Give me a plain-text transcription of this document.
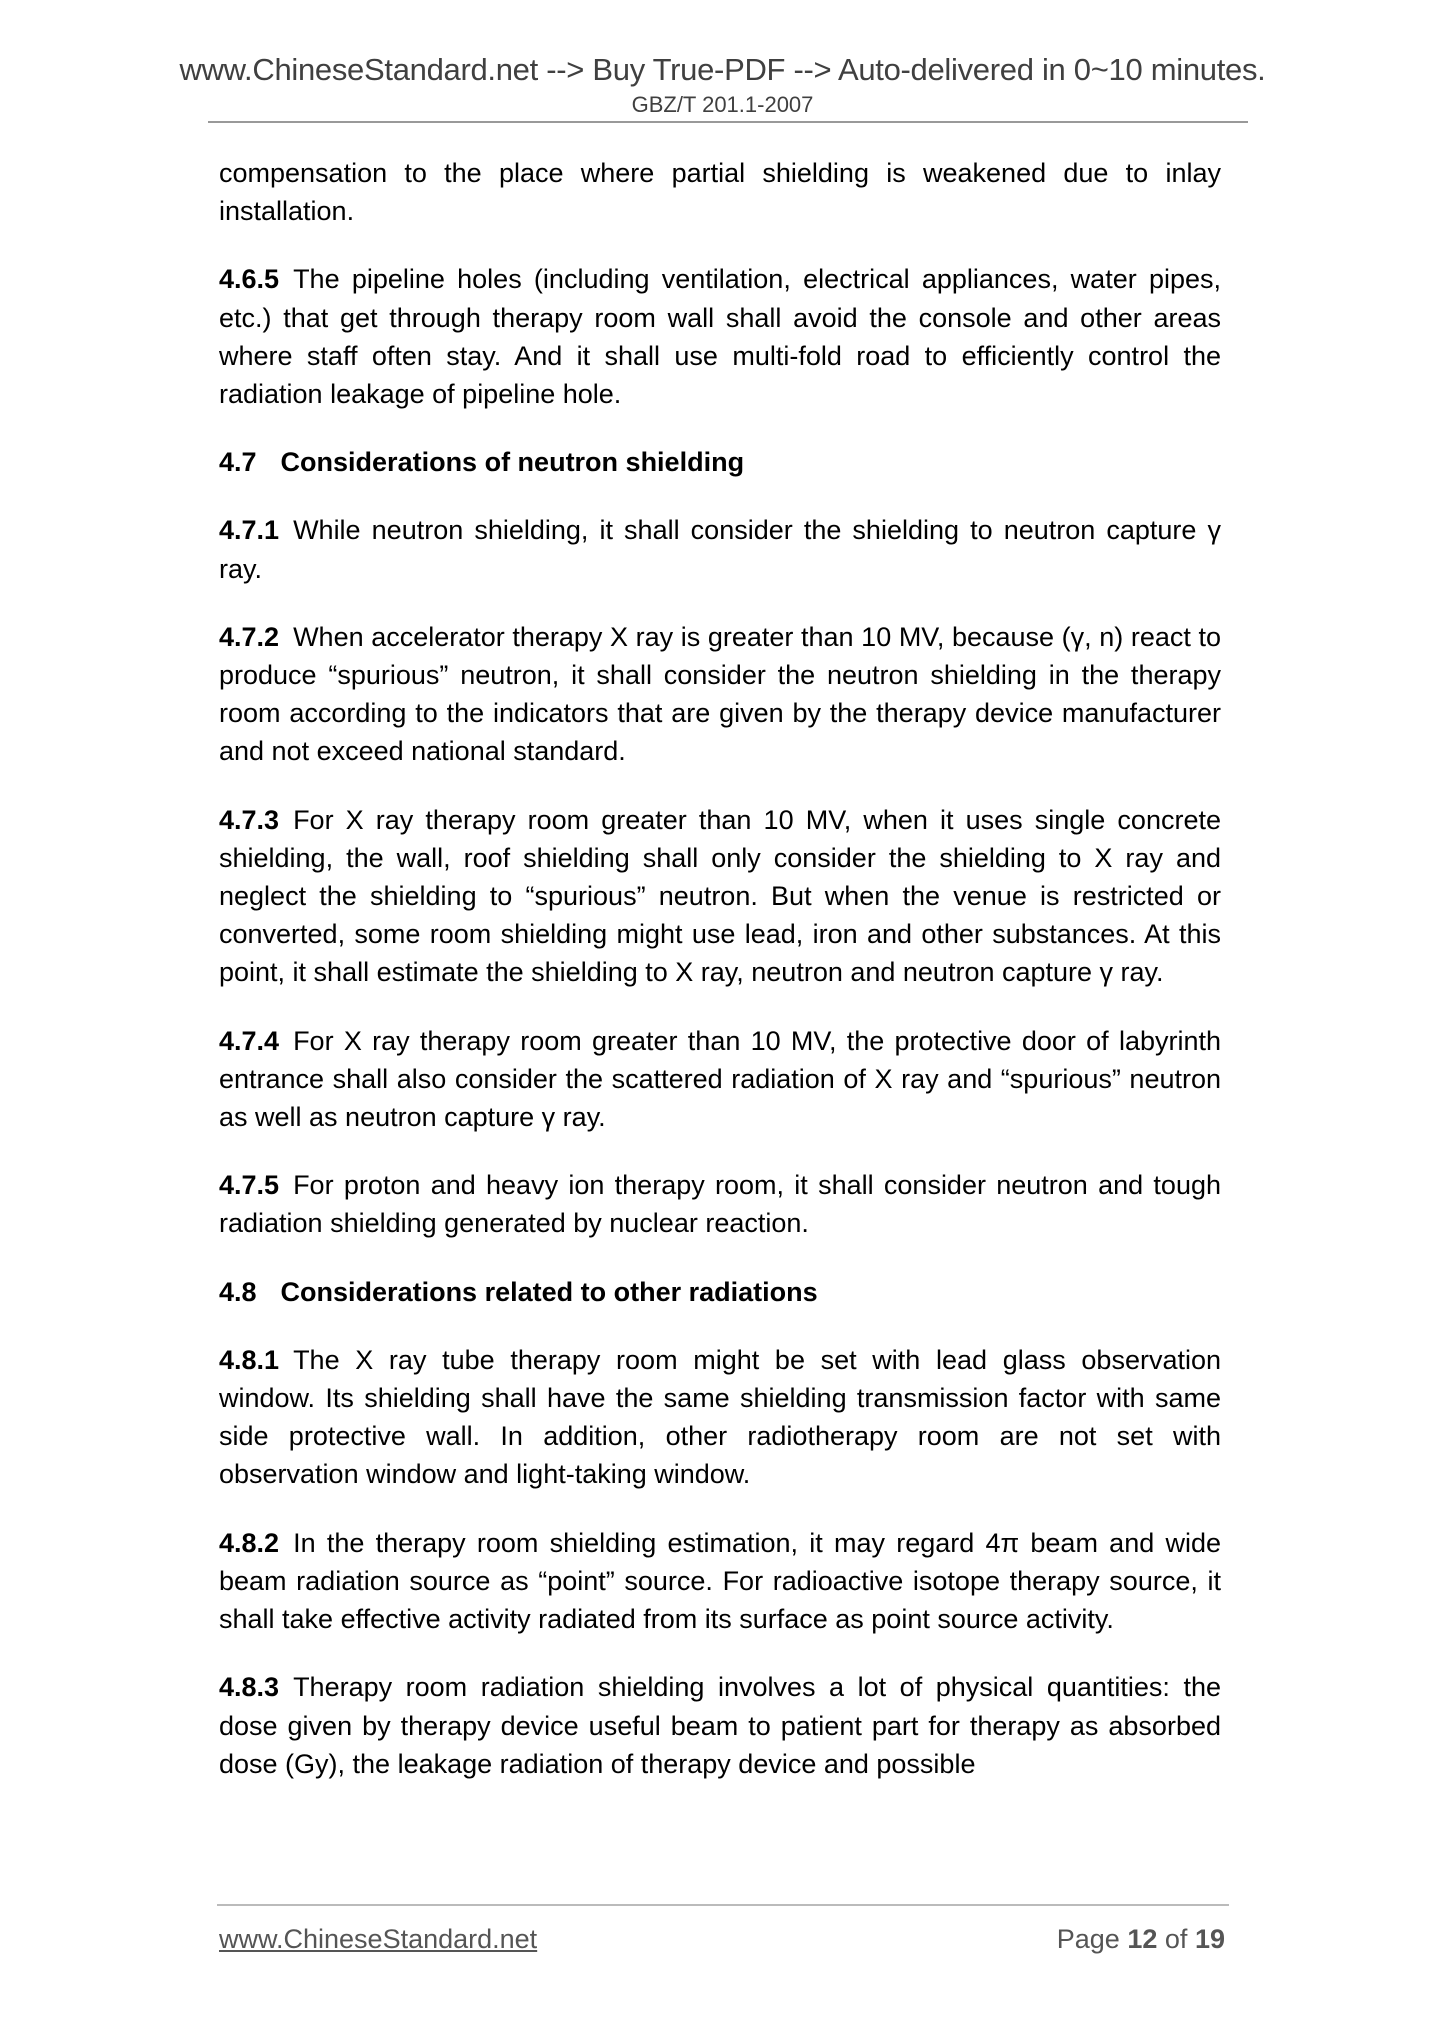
www.ChineseStandard.net --> Buy True-PDF --> Auto-delivered in 0~10 minutes.
GBZ/T 201.1-2007

compensation to the place where partial shielding is weakened due to inlay installation.

4.6.5 The pipeline holes (including ventilation, electrical appliances, water pipes, etc.) that get through therapy room wall shall avoid the console and other areas where staff often stay. And it shall use multi-fold road to efficiently control the radiation leakage of pipeline hole.

4.7 Considerations of neutron shielding

4.7.1 While neutron shielding, it shall consider the shielding to neutron capture γ ray.

4.7.2 When accelerator therapy X ray is greater than 10 MV, because (γ, n) react to produce “spurious” neutron, it shall consider the neutron shielding in the therapy room according to the indicators that are given by the therapy device manufacturer and not exceed national standard.

4.7.3 For X ray therapy room greater than 10 MV, when it uses single concrete shielding, the wall, roof shielding shall only consider the shielding to X ray and neglect the shielding to “spurious” neutron. But when the venue is restricted or converted, some room shielding might use lead, iron and other substances. At this point, it shall estimate the shielding to X ray, neutron and neutron capture γ ray.

4.7.4 For X ray therapy room greater than 10 MV, the protective door of labyrinth entrance shall also consider the scattered radiation of X ray and “spurious” neutron as well as neutron capture γ ray.

4.7.5 For proton and heavy ion therapy room, it shall consider neutron and tough radiation shielding generated by nuclear reaction.

4.8 Considerations related to other radiations

4.8.1 The X ray tube therapy room might be set with lead glass observation window. Its shielding shall have the same shielding transmission factor with same side protective wall. In addition, other radiotherapy room are not set with observation window and light-taking window.

4.8.2 In the therapy room shielding estimation, it may regard 4π beam and wide beam radiation source as “point” source. For radioactive isotope therapy source, it shall take effective activity radiated from its surface as point source activity.

4.8.3 Therapy room radiation shielding involves a lot of physical quantities: the dose given by therapy device useful beam to patient part for therapy as absorbed dose (Gy), the leakage radiation of therapy device and possible

www.ChineseStandard.net	Page 12 of 19
